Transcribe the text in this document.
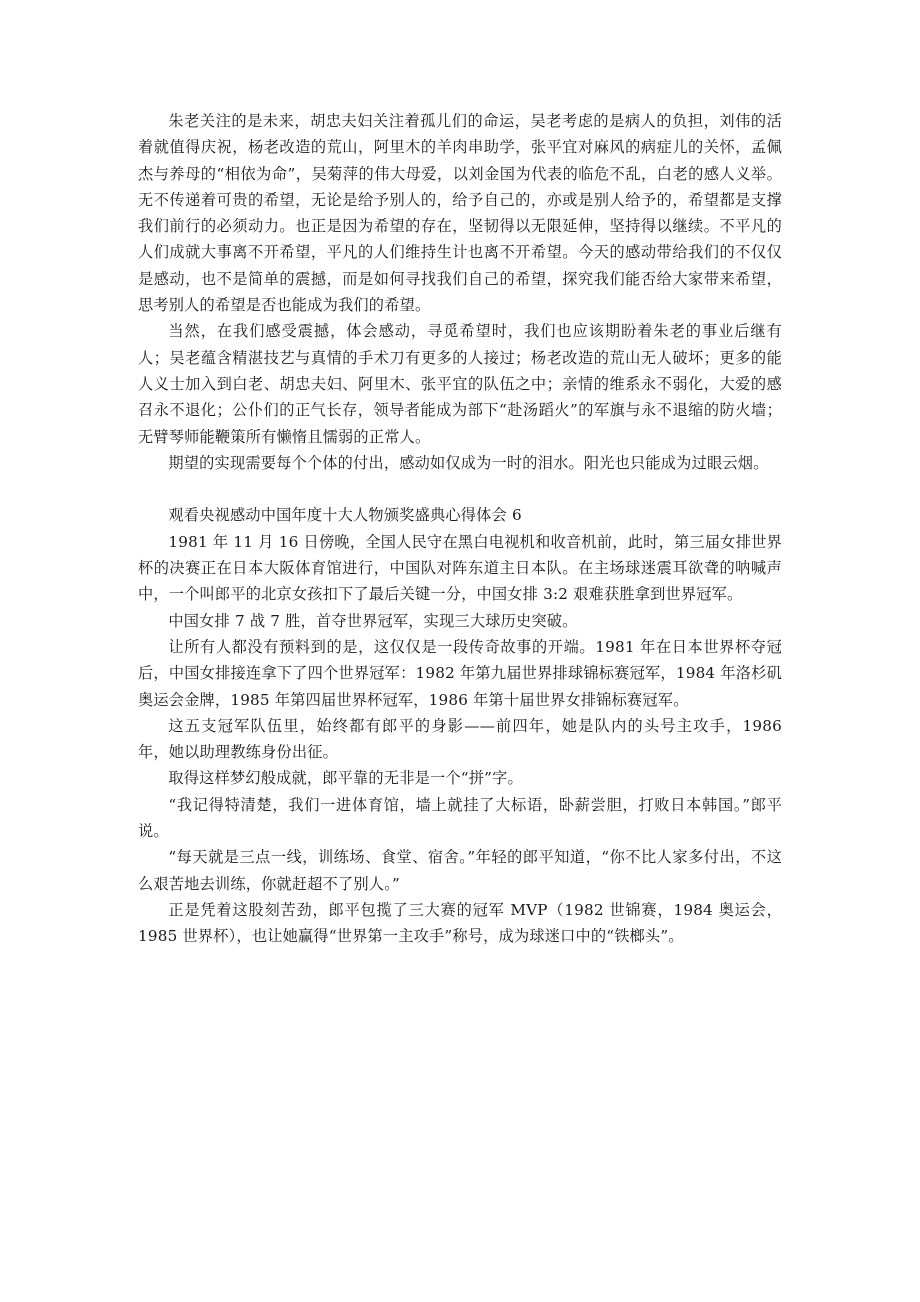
朱老关注的是未来，胡忠夫妇关注着孤儿们的命运，吴老考虑的是病人的负担，刘伟的活着就值得庆祝，杨老改造的荒山，阿里木的羊肉串助学，张平宜对麻风的病症儿的关怀，孟佩杰与养母的“相依为命”，吴菊萍的伟大母爱，以刘金国为代表的临危不乱，白老的感人义举。无不传递着可贵的希望，无论是给予别人的，给予自己的，亦或是别人给予的，希望都是支撑我们前行的必须动力。也正是因为希望的存在，坚韧得以无限延伸，坚持得以继续。不平凡的人们成就大事离不开希望，平凡的人们维持生计也离不开希望。今天的感动带给我们的不仅仅是感动，也不是简单的震撼，而是如何寻找我们自己的希望，探究我们能否给大家带来希望，思考别人的希望是否也能成为我们的希望。

当然，在我们感受震撼，体会感动，寻觅希望时，我们也应该期盼着朱老的事业后继有人；吴老蕴含精湛技艺与真情的手术刀有更多的人接过；杨老改造的荒山无人破坏；更多的能人义士加入到白老、胡忠夫妇、阿里木、张平宜的队伍之中；亲情的维系永不弱化，大爱的感召永不退化；公仆们的正气长存，领导者能成为部下“赴汤蹈火”的军旗与永不退缩的防火墙；无臂琴师能鞭策所有懒惰且懦弱的正常人。

期望的实现需要每个个体的付出，感动如仅成为一时的泪水。阳光也只能成为过眼云烟。

观看央视感动中国年度十大人物颁奖盛典心得体会 6

1981 年 11 月 16 日傍晚，全国人民守在黑白电视机和收音机前，此时，第三届女排世界杯的决赛正在日本大阪体育馆进行，中国队对阵东道主日本队。在主场球迷震耳欲聋的呐喊声中，一个叫郎平的北京女孩扣下了最后关键一分，中国女排 3:2 艰难获胜拿到世界冠军。

中国女排 7 战 7 胜，首夺世界冠军，实现三大球历史突破。

让所有人都没有预料到的是，这仅仅是一段传奇故事的开端。1981 年在日本世界杯夺冠后，中国女排接连拿下了四个世界冠军：1982 年第九届世界排球锦标赛冠军，1984 年洛杉矶奥运会金牌，1985 年第四届世界杯冠军，1986 年第十届世界女排锦标赛冠军。

这五支冠军队伍里，始终都有郎平的身影——前四年，她是队内的头号主攻手，1986 年，她以助理教练身份出征。

取得这样梦幻般成就，郎平靠的无非是一个“拼”字。

“我记得特清楚，我们一进体育馆，墙上就挂了大标语，卧薪尝胆，打败日本韩国。”郎平说。

“每天就是三点一线，训练场、食堂、宿舍。”年轻的郎平知道，“你不比人家多付出，不这么艰苦地去训练，你就赶超不了别人。”

正是凭着这股刻苦劲，郎平包揽了三大赛的冠军 MVP（1982 世锦赛，1984 奥运会，1985 世界杯），也让她赢得“世界第一主攻手”称号，成为球迷口中的“铁榔头”。
